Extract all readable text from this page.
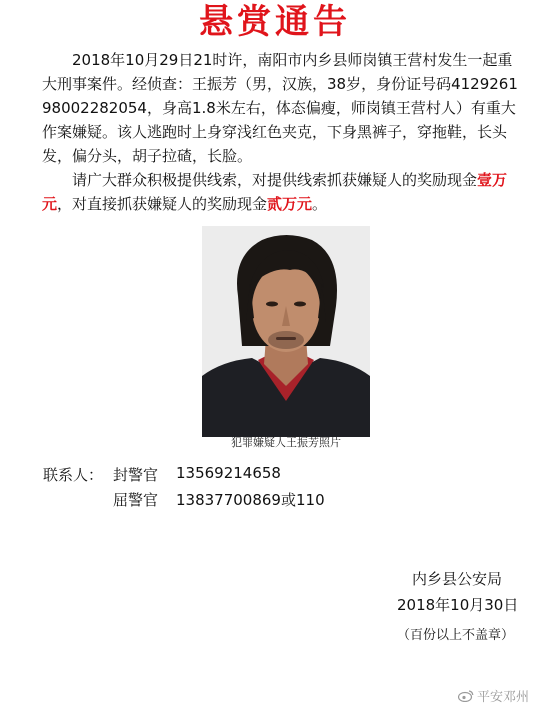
悬赏通告

2018年10月29日21时许，南阳市内乡县师岗镇王营村发生一起重大刑事案件。经侦查：王振芳（男，汉族，38岁，身份证号码412926198002282054，身高1.8米左右，体态偏瘦，师岗镇王营村人）有重大作案嫌疑。该人逃跑时上身穿浅红色夹克，下身黑裤子，穿拖鞋，长头发，偏分头，胡子拉碴，长脸。

请广大群众积极提供线索，对提供线索抓获嫌疑人的奖励现金壹万元，对直接抓获嫌疑人的奖励现金贰万元。

犯罪嫌疑人王振芳照片
联系人： 封警官 13569214658
屈警官 13837700869或110
内乡县公安局
2018年10月30日
（百份以上不盖章）
平安邓州
